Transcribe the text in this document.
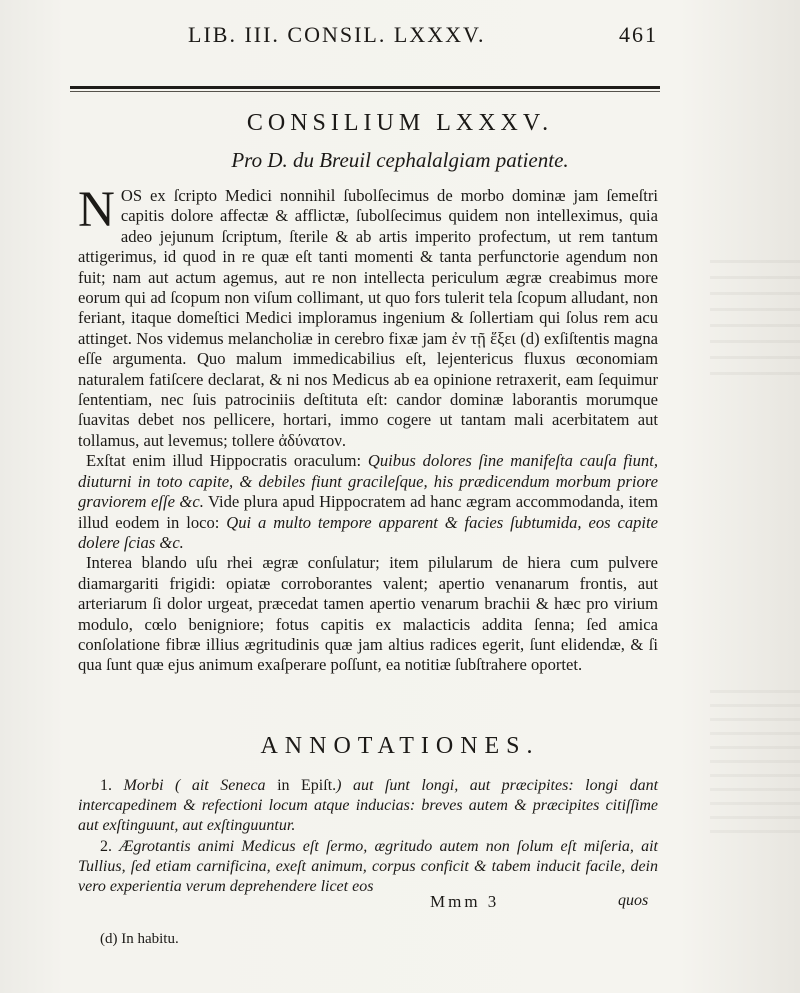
LIB. III. CONSIL. LXXXV.	461
CONSILIUM LXXXV.
Pro D. du Breuil cephalalgiam patiente.

NOS ex ſcripto Medici nonnihil ſubolſecimus de morbo dominæ jam ſemeſtri capitis dolore affectæ & afflictæ, ſubolſecimus quidem non intelleximus, quia adeo jejunum ſcriptum, ſterile & ab artis imperito profectum, ut rem tantum attigerimus, id quod in re quæ eſt tanti momenti & tanta perfunctorie agendum non fuit; nam aut actum agemus, aut re non intellecta periculum ægræ creabimus more eorum qui ad ſcopum non viſum collimant, ut quo fors tulerit tela ſcopum alludant, non feriant, itaque domeſtici Medici imploramus ingenium & ſollertiam qui ſolus rem acu attinget. Nos videmus melancholiæ in cerebro fixæ jam ἐν τῇ ἕξει (d) exſiſtentis magna eſſe argumenta. Quo malum immedicabilius eſt, lejentericus fluxus œconomiam naturalem fatiſcere declarat, & ni nos Medicus ab ea opinione retraxerit, eam ſequimur ſententiam, nec ſuis patrociniis deſtituta eſt: candor dominæ laborantis morumque ſuavitas debet nos pellicere, hortari, immo cogere ut tantam mali acerbitatem aut tollamus, aut levemus; tollere ἀδύνατον.

Exſtat enim illud Hippocratis oraculum: Quibus dolores ſine manifeſta cauſa fiunt, diuturni in toto capite, & debiles fiunt gracileſque, his prædicendum morbum priore graviorem eſſe &c. Vide plura apud Hippocratem ad hanc ægram accommodanda, item illud eodem in loco: Qui a multo tempore apparent & facies ſubtumida, eos capite dolere ſcias &c.

Interea blando uſu rhei ægræ conſulatur; item pilularum de hiera cum pulvere diamargariti frigidi: opiatæ corroborantes valent; apertio venanarum frontis, aut arteriarum ſi dolor urgeat, præcedat tamen apertio venarum brachii & hæc pro virium modulo, cœlo benigniore; fotus capitis ex malacticis addita ſenna; ſed amica conſolatione fibræ illius ægritudinis quæ jam altius radices egerit, ſunt elidendæ, & ſi qua ſunt quæ ejus animum exaſperare poſſunt, ea notitiæ ſubſtrahere oportet.

ANNOTATIONES.

1. Morbi ( ait Seneca in Epiſt.) aut ſunt longi, aut præcipites: longi dant intercapedinem & refectioni locum atque inducias: breves autem & præcipites citiſſime aut exſtinguunt, aut exſtinguuntur.

2. Ægrotantis animi Medicus eſt ſermo, ægritudo autem non ſolum eſt miſeria, ait Tullius, ſed etiam carnificina, exeſt animum, corpus conficit & tabem inducit facile, dein vero experientia verum deprehendere licet eos

Mmm 3	quos
(d) In habitu.
